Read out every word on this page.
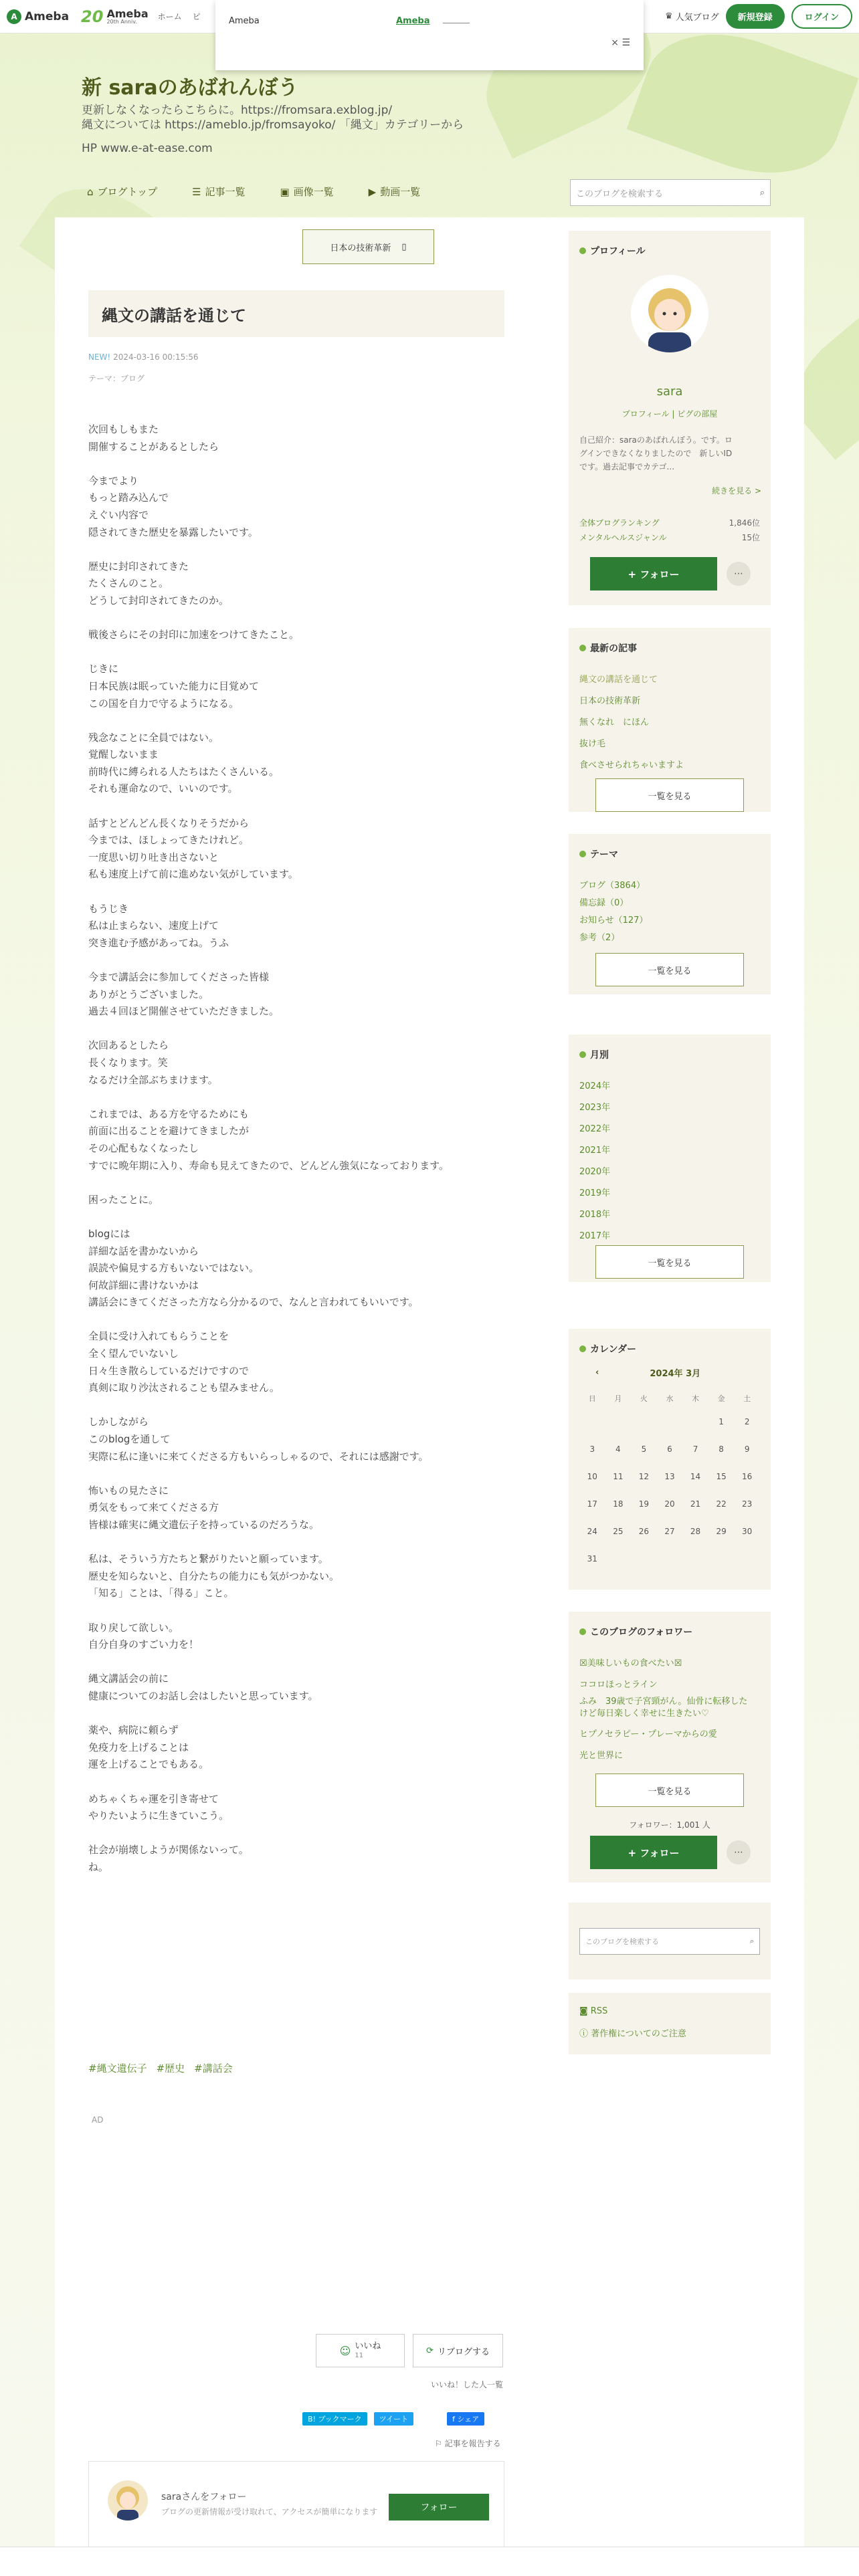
A Ameba 20 Ameba
20th Anniv.	ホーム ピ	♛ 人気ブログ	新規登録	ログイン
Ameba	Ameba
× ☰
新 saraのあばれんぼう
更新しなくなったらこちらに。https://fromsara.exblog.jp/
縄文については https://ameblo.jp/fromsayoko/ 「縄文」カテゴリーから
HP www.e-at-ease.com
⌂ ブログトップ	☰ 記事一覧	▣ 画像一覧	▶ 動画一覧	このブログを検索する	⌕
日本の技術革新 ▯
縄文の講話を通じて
NEW! 2024-03-16 00:15:56
テーマ：ブログ
次回もしもまた
開催することがあるとしたら

今までより
もっと踏み込んで
えぐい内容で
隠されてきた歴史を暴露したいです。

歴史に封印されてきた
たくさんのこと。
どうして封印されてきたのか。

戦後さらにその封印に加速をつけてきたこと。

じきに
日本民族は眠っていた能力に目覚めて
この国を自力で守るようになる。

残念なことに全員ではない。
覚醒しないまま
前時代に縛られる人たちはたくさんいる。
それも運命なので、いいのです。

話すとどんどん長くなりそうだから
今までは、ほしょってきたけれど。
一度思い切り吐き出さないと
私も速度上げて前に進めない気がしています。

もうじき
私は止まらない、速度上げて
突き進む予感があってね。うふ

今まで講話会に参加してくださった皆様
ありがとうございました。
過去４回ほど開催させていただきました。

次回あるとしたら
長くなります。笑
なるだけ全部ぶちまけます。

これまでは、ある方を守るためにも
前面に出ることを避けてきましたが
その心配もなくなったし
すでに晩年期に入り、寿命も見えてきたので、どんどん強気になっております。

困ったことに。

blogには
詳細な話を書かないから
誤読や偏見する方もいないではない。
何故詳細に書けないかは
講話会にきてくださった方なら分かるので、なんと言われてもいいです。

全員に受け入れてもらうことを
全く望んでいないし
日々生き散らしているだけですので
真剣に取り沙汰されることも望みません。

しかしながら
このblogを通して
実際に私に逢いに来てくださる方もいらっしゃるので、それには感謝です。

怖いもの見たさに
勇気をもって来てくださる方
皆様は確実に縄文遺伝子を持っているのだろうな。

私は、そういう方たちと繋がりたいと願っています。
歴史を知らないと、自分たちの能力にも気がつかない。
「知る」ことは、「得る」こと。

取り戻して欲しい。
自分自身のすごい力を！

縄文講話会の前に
健康についてのお話し会はしたいと思っています。

薬や、病院に頼らず
免疫力を上げることは
運を上げることでもある。

めちゃくちゃ運を引き寄せて
やりたいように生きていこう。

社会が崩壊しようが関係ないって。
ね。
#縄文遺伝子 #歴史 #講話会
AD
☺ いいね
11	⟳ リブログする
いいね！した人一覧
B! ブックマーク	ツイート	f シェア
⚐ 記事を報告する
saraさんをフォロー
ブログの更新情報が受け取れて、アクセスが簡単になります	フォロー
プロフィール
sara
プロフィール | ピグの部屋
自己紹介：saraのあばれんぼう。です。ロ
グインできなくなりましたので　新しいID
です。過去記事でカテゴ...
続きを見る >
全体ブログランキング	1,846位
メンタルヘルスジャンル	15位
+ フォロー	⋯
最新の記事
縄文の講話を通じて
日本の技術革新
無くなれ　にほん
抜け毛
食べさせられちゃいますよ
一覧を見る
テーマ
ブログ（3864）
備忘録（0）
お知らせ（127）
参考（2）
一覧を見る
月別
2024年
2023年
2022年
2021年
2020年
2019年
2018年
2017年
一覧を見る
カレンダー
‹	2024年 3月
日	月	火	水	木	金	土
					1	2
3	4	5	6	7	8	9
10	11	12	13	14	15	16
17	18	19	20	21	22	23
24	25	26	27	28	29	30
31						
このブログのフォロワー
☒美味しいもの食べたい☒
ココロほっとライン
ふみ　39歳で子宮頸がん。仙骨に転移した
けど毎日楽しく幸せに生きたい♡
ヒプノセラピー・プレーマからの愛
光と世界に
一覧を見る
フォロワー：1,001 人
+ フォロー	⋯
このブログを検索する	⌕
◙ RSS
ⓘ 著作権についてのご注意
